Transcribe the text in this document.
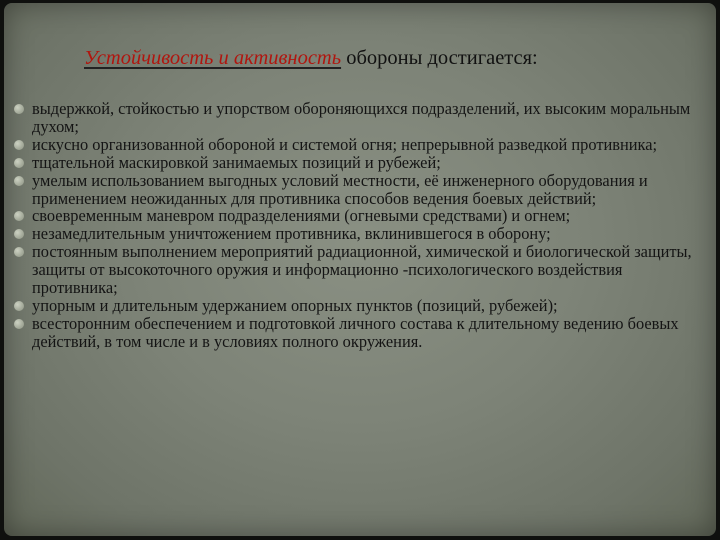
Устойчивость и активность обороны достигается:
выдержкой, стойкостью и упорством обороняющихся подразделений, их высоким моральным духом;
искусно организованной обороной и системой огня; непрерывной разведкой противника;
тщательной маскировкой занимаемых позиций и рубежей;
умелым использованием выгодных условий местности, её инженерного оборудования и применением неожиданных для противника способов ведения боевых действий;
своевременным маневром подразделениями (огневыми средствами) и огнем;
незамедлительным уничтожением противника, вклинившегося в оборону;
постоянным выполнением мероприятий радиационной, химической и биологической защиты, защиты от высокоточного оружия и информационно -психологического воздействия противника;
упорным и длительным удержанием опорных пунктов (позиций, рубежей);
всесторонним обеспечением и подготовкой личного состава к длительному ведению боевых действий, в том числе и в условиях полного окружения.
